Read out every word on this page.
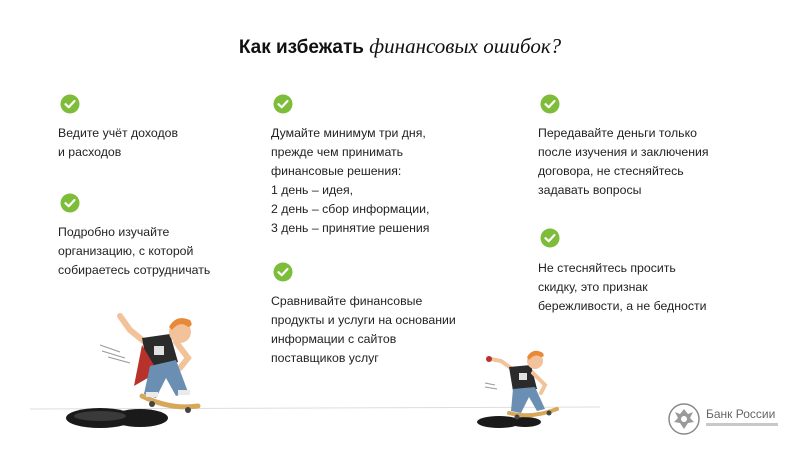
Как избежать финансовых ошибок?
Ведите учёт доходов
и расходов
Подробно изучайте
организацию, с которой
собираетесь сотрудничать
Думайте минимум три дня,
прежде чем принимать
финансовые решения:
1 день – идея,
2 день – сбор информации,
3 день – принятие решения
Сравнивайте финансовые
продукты и услуги на основании
информации с сайтов
поставщиков услуг
Передавайте деньги только
после изучения и заключения
договора, не стесняйтесь
задавать вопросы
Не стесняйтесь просить
скидку, это признак
бережливости, а не бедности
Банк России
